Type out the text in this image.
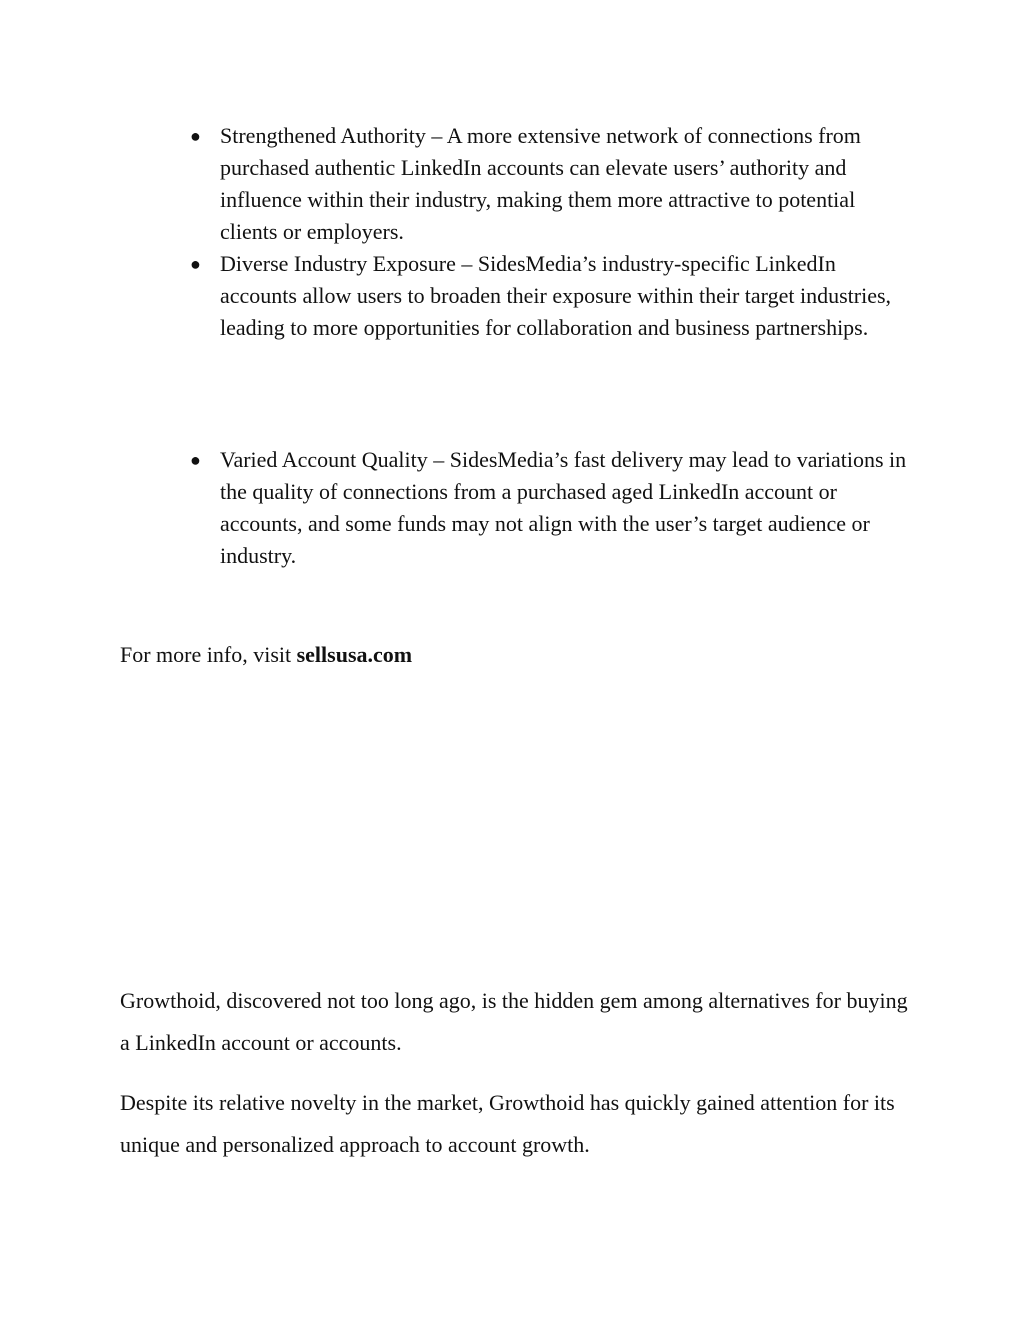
● Strengthened Authority – A more extensive network of connections from purchased authentic LinkedIn accounts can elevate users’ authority and influence within their industry, making them more attractive to potential clients or employers.
● Diverse Industry Exposure – SidesMedia’s industry-specific LinkedIn accounts allow users to broaden their exposure within their target industries, leading to more opportunities for collaboration and business partnerships.
● Varied Account Quality – SidesMedia’s fast delivery may lead to variations in the quality of connections from a purchased aged LinkedIn account or accounts, and some funds may not align with the user’s target audience or industry.

For more info, visit sellsusa.com

Growthoid, discovered not too long ago, is the hidden gem among alternatives for buying a LinkedIn account or accounts.

Despite its relative novelty in the market, Growthoid has quickly gained attention for its unique and personalized approach to account growth.
